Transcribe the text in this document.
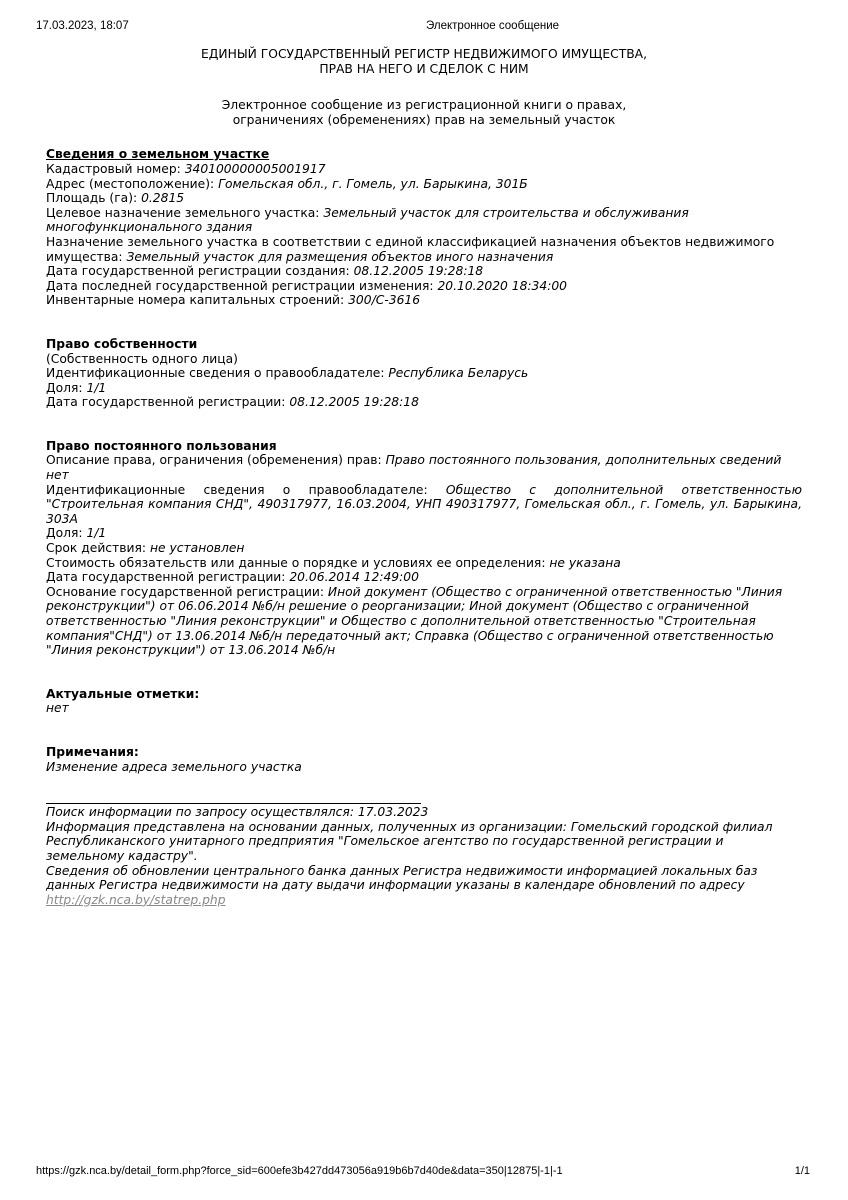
17.03.2023, 18:07	Электронное сообщение

ЕДИНЫЙ ГОСУДАРСТВЕННЫЙ РЕГИСТР НЕДВИЖИМОГО ИМУЩЕСТВА,

ПРАВ НА НЕГО И СДЕЛОК С НИМ

Электронное сообщение из регистрационной книги о правах,

ограничениях (обременениях) прав на земельный участок

Сведения о земельном участке

Кадастровый номер: 340100000005001917

Адрес (местоположение): Гомельская обл., г. Гомель, ул. Барыкина, 301Б

Площадь (га): 0.2815

Целевое назначение земельного участка: Земельный участок для строительства и обслуживания многофункционального здания

Назначение земельного участка в соответствии с единой классификацией назначения объектов недвижимого имущества: Земельный участок для размещения объектов иного назначения

Дата государственной регистрации создания: 08.12.2005 19:28:18

Дата последней государственной регистрации изменения: 20.10.2020 18:34:00

Инвентарные номера капитальных строений: 300/C-3616

Право собственности

(Собственность одного лица)

Идентификационные сведения о правообладателе: Республика Беларусь

Доля: 1/1

Дата государственной регистрации: 08.12.2005 19:28:18

Право постоянного пользования

Описание права, ограничения (обременения) прав: Право постоянного пользования, дополнительных сведений нет

Идентификационные сведения о правообладателе: Общество с дополнительной ответственностью "Строительная компания СНД", 490317977, 16.03.2004, УНП 490317977, Гомельская обл., г. Гомель, ул. Барыкина, 303А

Доля: 1/1

Срок действия: не установлен

Стоимость обязательств или данные о порядке и условиях ее определения: не указана

Дата государственной регистрации: 20.06.2014 12:49:00

Основание государственной регистрации: Иной документ (Общество с ограниченной ответственностью "Линия реконструкции") от 06.06.2014 №б/н решение о реорганизации; Иной документ (Общество с ограниченной ответственностью "Линия реконструкции" и Общество с дополнительной ответственностью "Строительная компания"СНД") от 13.06.2014 №б/н передаточный акт; Справка (Общество с ограниченной ответственностью "Линия реконструкции") от 13.06.2014 №б/н

Актуальные отметки:

нет

Примечания:

Изменение адреса земельного участка

Поиск информации по запросу осуществлялся: 17.03.2023

Информация представлена на основании данных, полученных из организации: Гомельский городской филиал Республиканского унитарного предприятия "Гомельское агентство по государственной регистрации и земельному кадастру".

Сведения об обновлении центрального банка данных Регистра недвижимости информацией локальных баз данных Регистра недвижимости на дату выдачи информации указаны в календаре обновлений по адресу

http://gzk.nca.by/statrep.php

https://gzk.nca.by/detail_form.php?force_sid=600efe3b427dd473056a919b6b7d40de&data=350|12875|-1|-1	1/1
